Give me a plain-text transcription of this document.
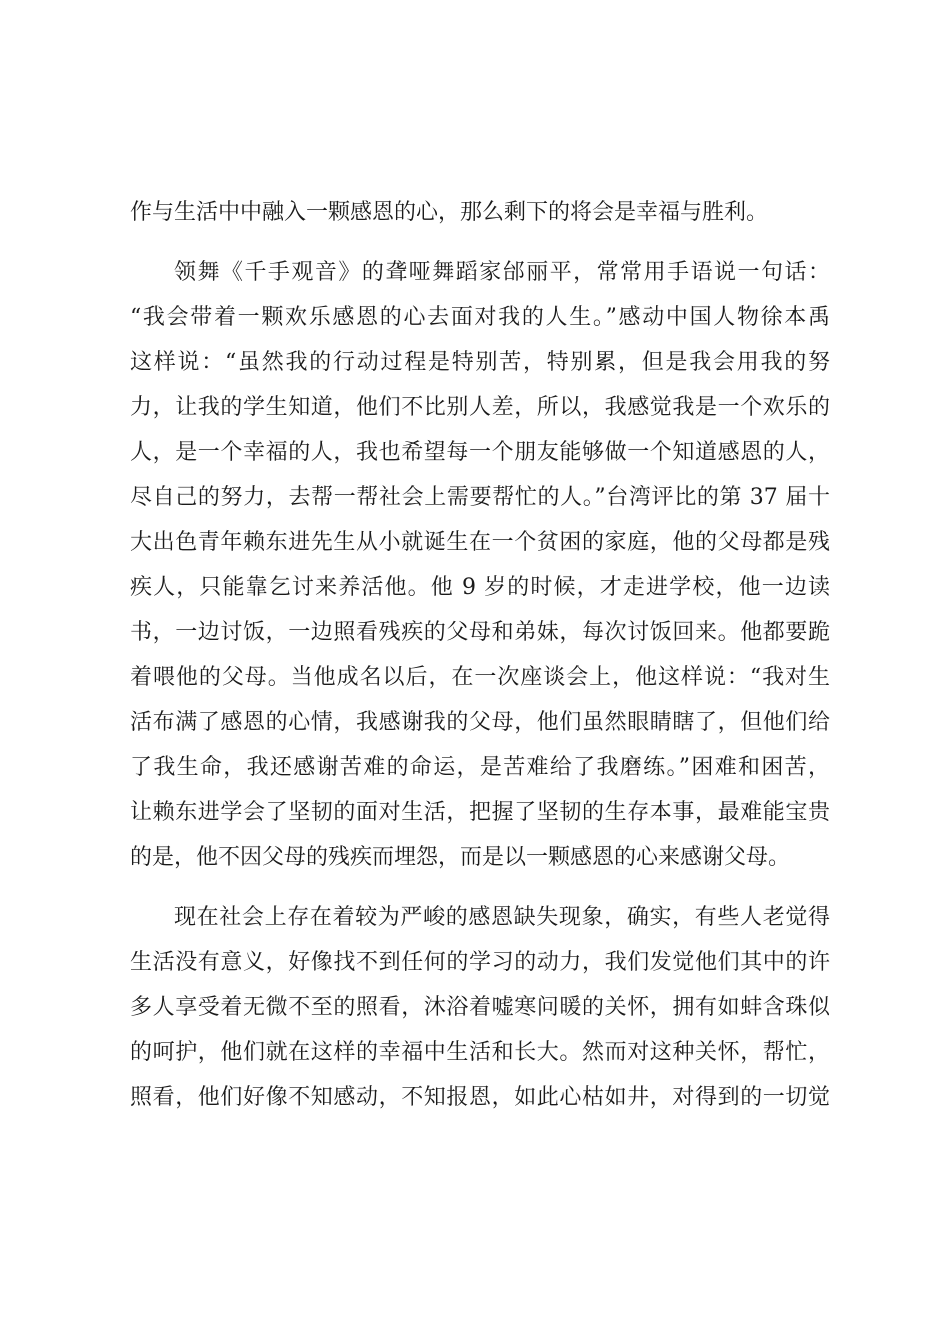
作与生活中中融入一颗感恩的心，那么剩下的将会是幸福与胜利。
领舞《千手观音》的聋哑舞蹈家邰丽平，常常用手语说一句话：
“我会带着一颗欢乐感恩的心去面对我的人生。”感动中国人物徐本禹
这样说：“虽然我的行动过程是特别苦，特别累，但是我会用我的努
力，让我的学生知道，他们不比别人差，所以，我感觉我是一个欢乐的
人，是一个幸福的人，我也希望每一个朋友能够做一个知道感恩的人，
尽自己的努力，去帮一帮社会上需要帮忙的人。”台湾评比的第 37 届十
大出色青年赖东进先生从小就诞生在一个贫困的家庭，他的父母都是残
疾人，只能靠乞讨来养活他。他 9 岁的时候，才走进学校，他一边读
书，一边讨饭，一边照看残疾的父母和弟妹，每次讨饭回来。他都要跪
着喂他的父母。当他成名以后，在一次座谈会上，他这样说：“我对生
活布满了感恩的心情，我感谢我的父母，他们虽然眼睛瞎了，但他们给
了我生命，我还感谢苦难的命运，是苦难给了我磨练。”困难和困苦，
让赖东进学会了坚韧的面对生活，把握了坚韧的生存本事，最难能宝贵
的是，他不因父母的残疾而埋怨，而是以一颗感恩的心来感谢父母。
现在社会上存在着较为严峻的感恩缺失现象，确实，有些人老觉得
生活没有意义，好像找不到任何的学习的动力，我们发觉他们其中的许
多人享受着无微不至的照看，沐浴着嘘寒问暖的关怀，拥有如蚌含珠似
的呵护，他们就在这样的幸福中生活和长大。然而对这种关怀，帮忙，
照看，他们好像不知感动，不知报恩，如此心枯如井，对得到的一切觉
